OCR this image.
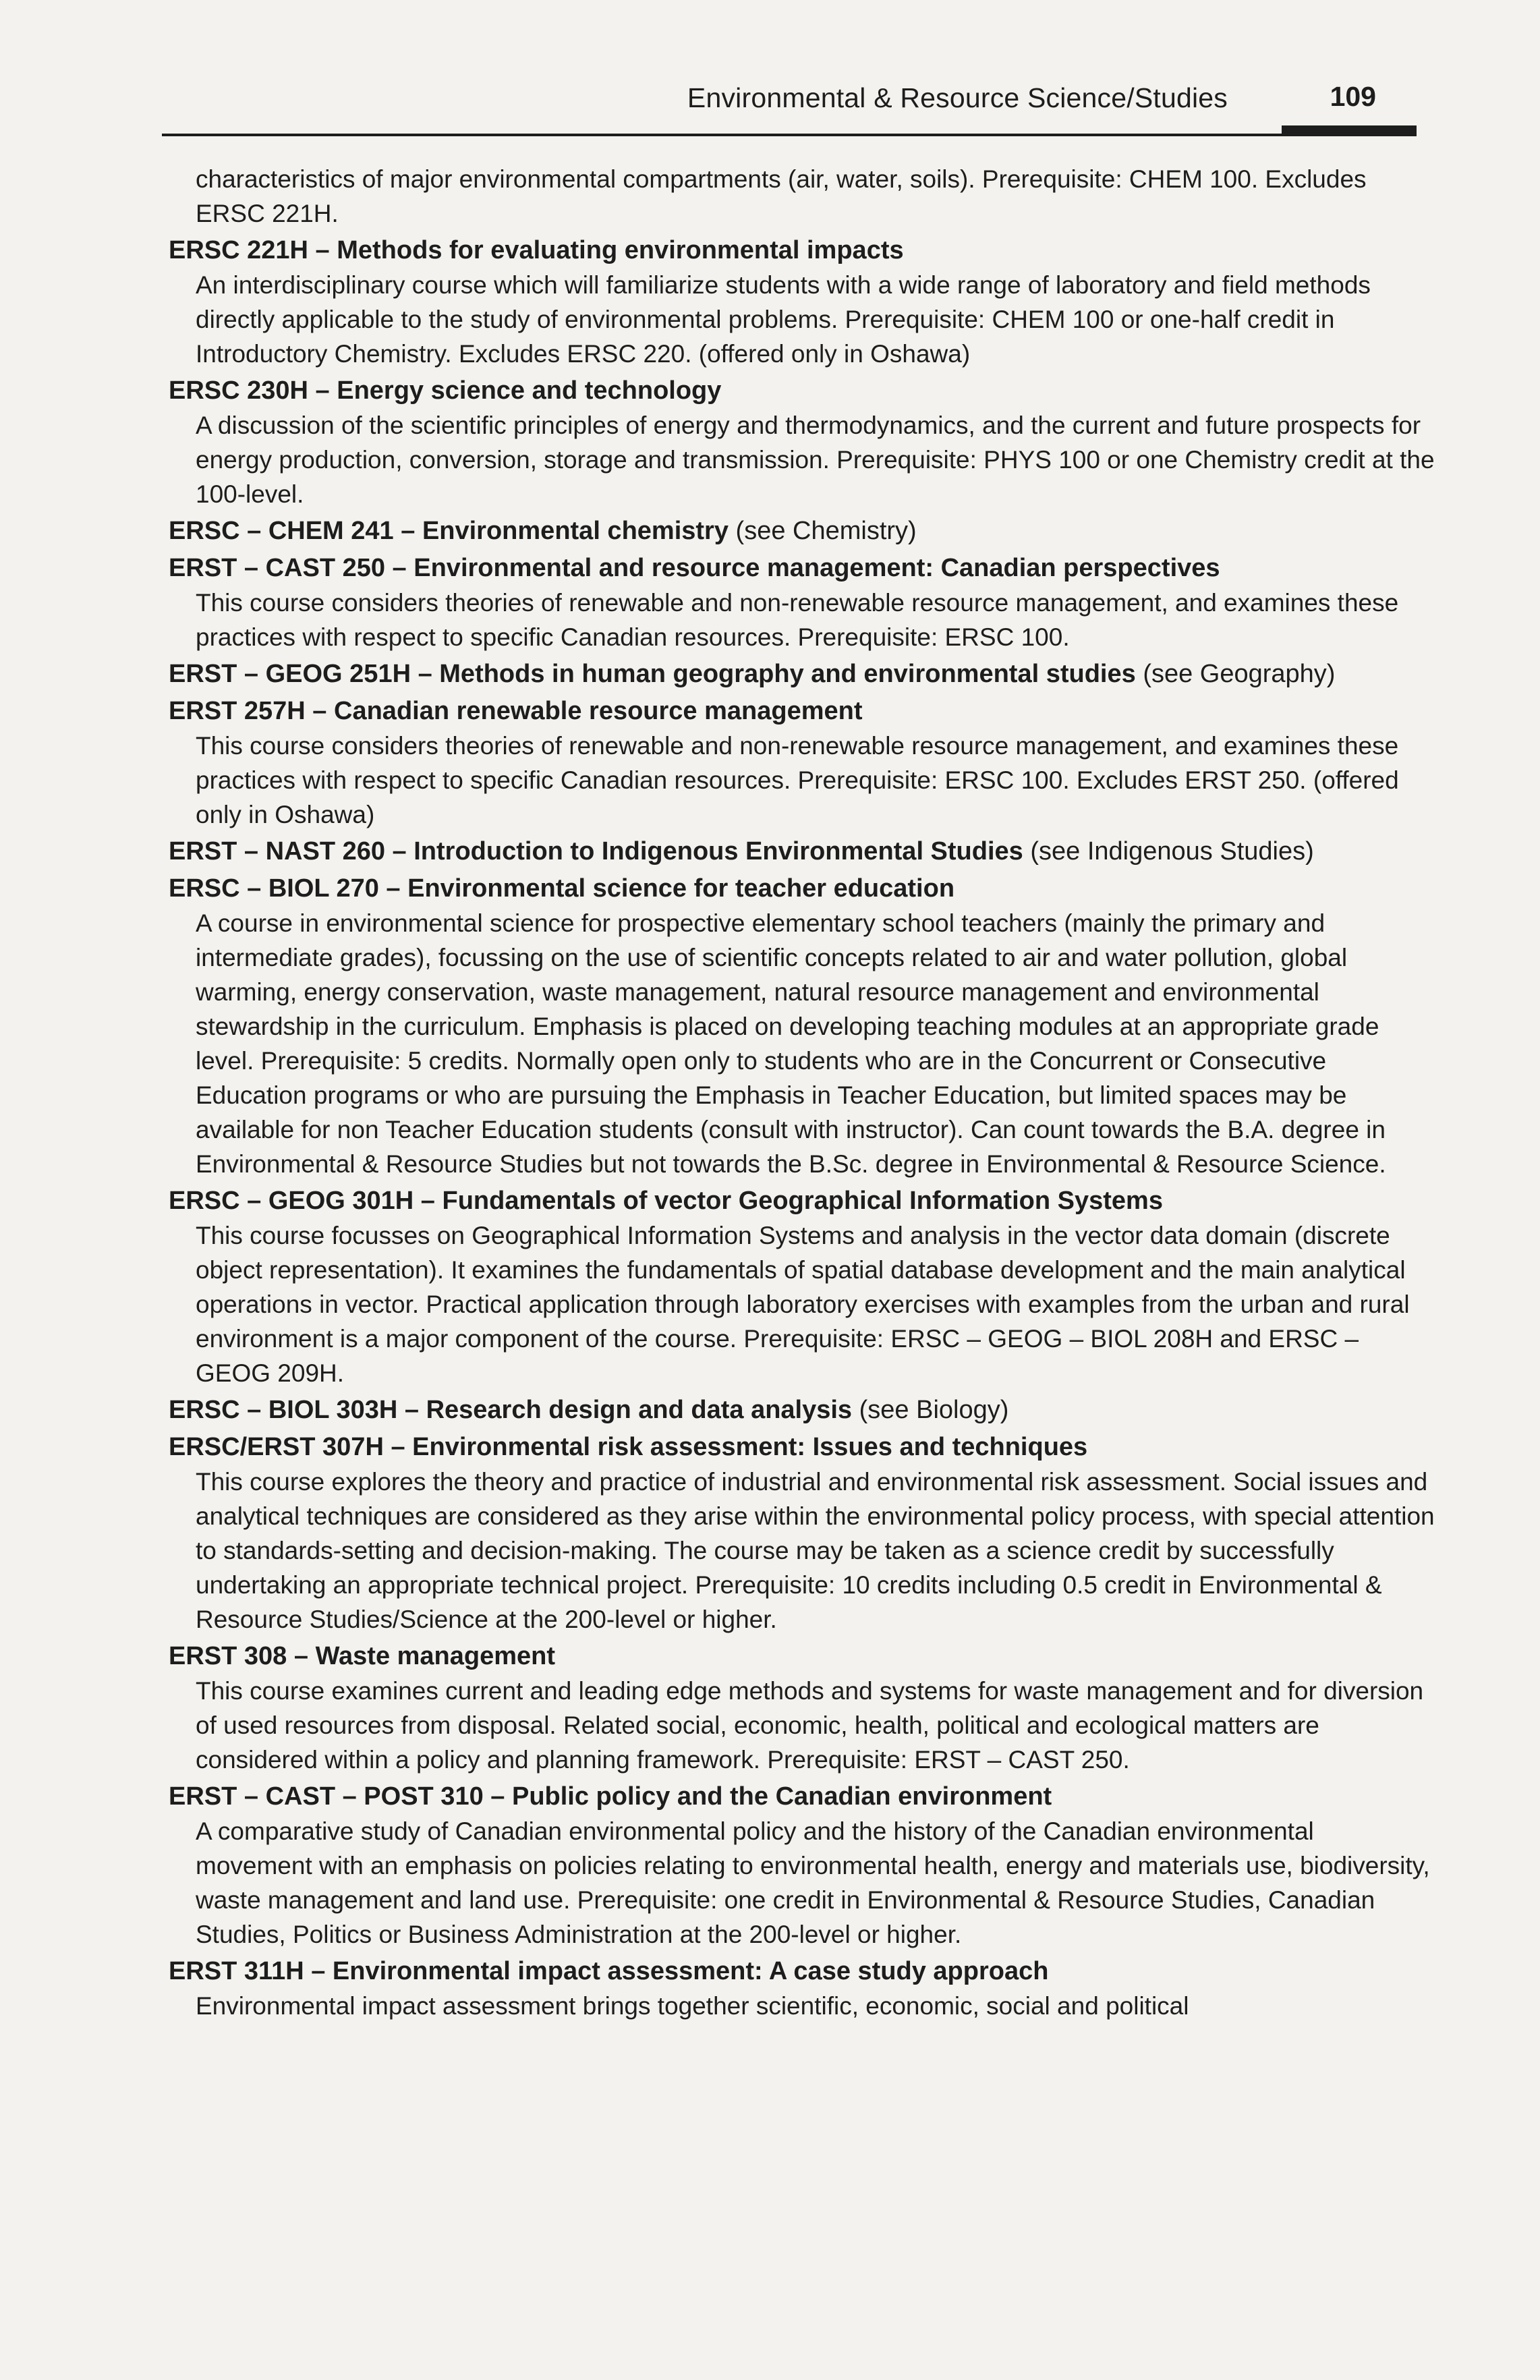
Environmental & Resource Science/Studies	109

characteristics of major environmental compartments (air, water, soils). Prerequisite: CHEM 100. Excludes ERSC 221H.

ERSC 221H – Methods for evaluating environmental impacts

An interdisciplinary course which will familiarize students with a wide range of laboratory and field methods directly applicable to the study of environmental problems. Prerequisite: CHEM 100 or one-half credit in Introductory Chemistry. Excludes ERSC 220. (offered only in Oshawa)

ERSC 230H – Energy science and technology

A discussion of the scientific principles of energy and thermodynamics, and the current and future prospects for energy production, conversion, storage and transmission. Prerequisite: PHYS 100 or one Chemistry credit at the 100-level.

ERSC – CHEM 241 – Environmental chemistry (see Chemistry)

ERST – CAST 250 – Environmental and resource management: Canadian perspectives

This course considers theories of renewable and non-renewable resource management, and examines these practices with respect to specific Canadian resources. Prerequisite: ERSC 100.

ERST – GEOG 251H – Methods in human geography and environmental studies (see Geography)

ERST 257H – Canadian renewable resource management

This course considers theories of renewable and non-renewable resource management, and examines these practices with respect to specific Canadian resources. Prerequisite: ERSC 100. Excludes ERST 250. (offered only in Oshawa)

ERST – NAST 260 – Introduction to Indigenous Environmental Studies (see Indigenous Studies)

ERSC – BIOL 270 – Environmental science for teacher education

A course in environmental science for prospective elementary school teachers (mainly the primary and intermediate grades), focussing on the use of scientific concepts related to air and water pollution, global warming, energy conservation, waste management, natural resource management and environmental stewardship in the curriculum. Emphasis is placed on developing teaching modules at an appropriate grade level. Prerequisite: 5 credits. Normally open only to students who are in the Concurrent or Consecutive Education programs or who are pursuing the Emphasis in Teacher Education, but limited spaces may be available for non Teacher Education students (consult with instructor). Can count towards the B.A. degree in Environmental & Resource Studies but not towards the B.Sc. degree in Environmental & Resource Science.

ERSC – GEOG 301H – Fundamentals of vector Geographical Information Systems

This course focusses on Geographical Information Systems and analysis in the vector data domain (discrete object representation). It examines the fundamentals of spatial database development and the main analytical operations in vector. Practical application through laboratory exercises with examples from the urban and rural environment is a major component of the course. Prerequisite: ERSC – GEOG – BIOL 208H and ERSC – GEOG 209H.

ERSC – BIOL 303H – Research design and data analysis (see Biology)

ERSC/ERST 307H – Environmental risk assessment: Issues and techniques

This course explores the theory and practice of industrial and environmental risk assessment. Social issues and analytical techniques are considered as they arise within the environmental policy process, with special attention to standards-setting and decision-making. The course may be taken as a science credit by successfully undertaking an appropriate technical project. Prerequisite: 10 credits including 0.5 credit in Environmental & Resource Studies/Science at the 200-level or higher.

ERST 308 – Waste management

This course examines current and leading edge methods and systems for waste management and for diversion of used resources from disposal. Related social, economic, health, political and ecological matters are considered within a policy and planning framework. Prerequisite: ERST – CAST 250.

ERST – CAST – POST 310 – Public policy and the Canadian environment

A comparative study of Canadian environmental policy and the history of the Canadian environmental movement with an emphasis on policies relating to environmental health, energy and materials use, biodiversity, waste management and land use. Prerequisite: one credit in Environmental & Resource Studies, Canadian Studies, Politics or Business Administration at the 200-level or higher.

ERST 311H – Environmental impact assessment: A case study approach

Environmental impact assessment brings together scientific, economic, social and political
